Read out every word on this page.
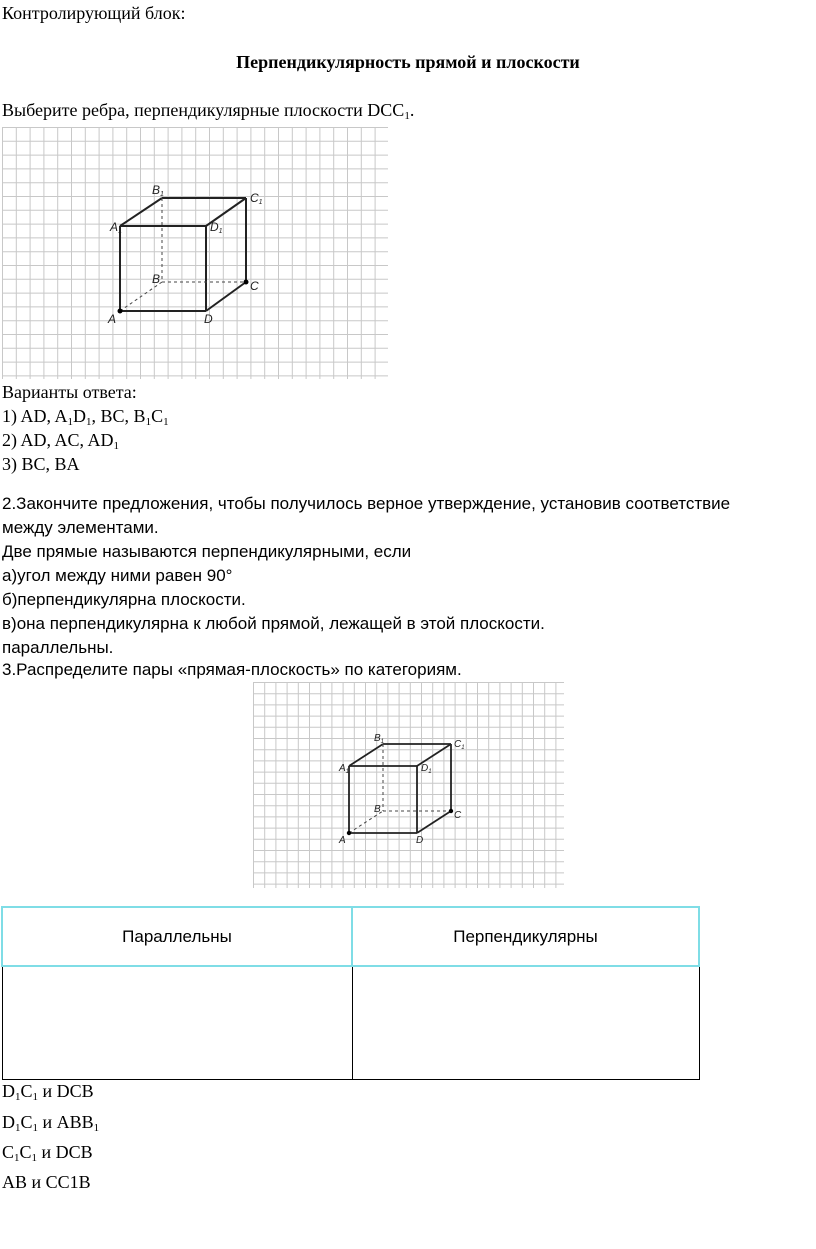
Контролирующий блок:
Перпендикулярность прямой и плоскости
Выберите ребра, перпендикулярные плоскости $DCC_1$.
A	D
C
B
A1	D1
B1	C1
Варианты ответа:
1) AD, $A_1D_1$, BC, $B_1C_1$
2) AD, AC, $AD_1$
3) BC, BA
2.Закончите предложения, чтобы получилось верное утверждение, установив соответствие
между элементами.
Две прямые называются перпендикулярными, если
а)угол между ними равен 90°
б)перпендикулярна плоскости.
в)она перпендикулярна к любой прямой, лежащей в этой плоскости.
параллельны.
3.Распределите пары «прямая-плоскость» по категориям.
A	D
C
B
$A_1$	$D_1$
$B_1$	$C_1$
Параллельны	Перпендикулярны

$D_1C_1$ и DCB
$D_1C_1$ и $ABB_1$
$C_1C_1$ и DCB
AB и CC1B
